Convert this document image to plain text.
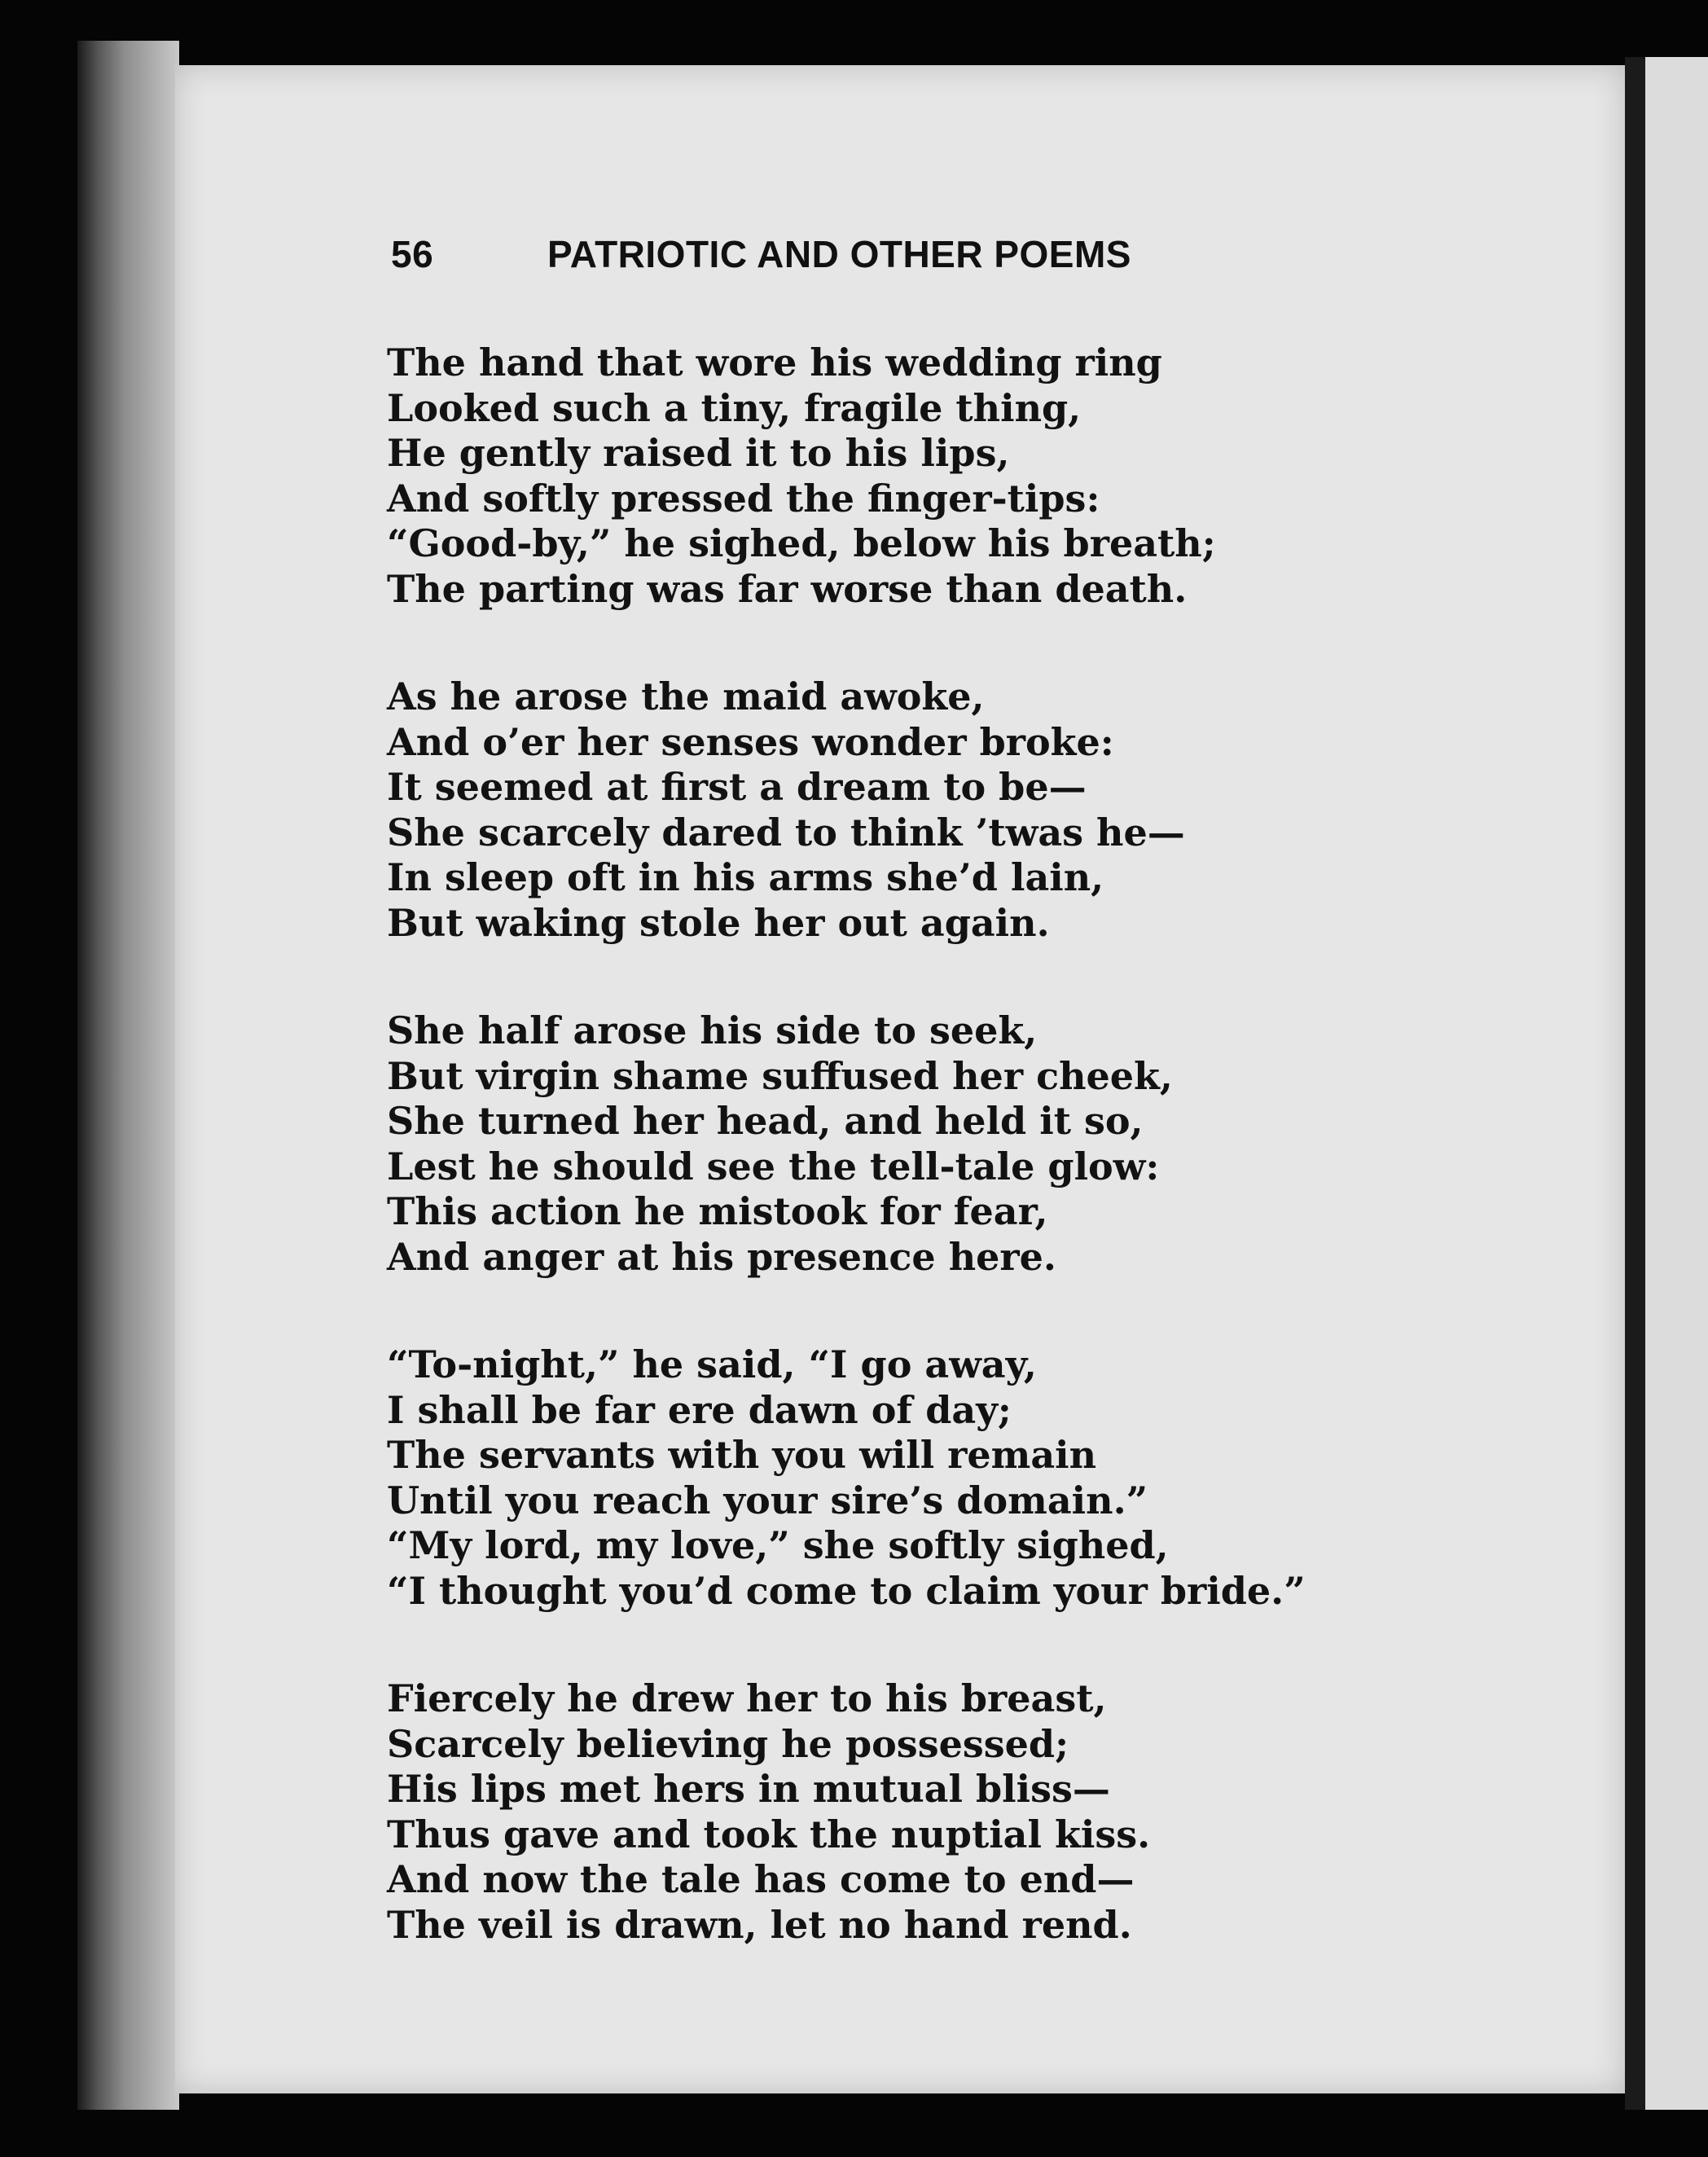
56	PATRIOTIC AND OTHER POEMS
The hand that wore his wedding ring
Looked such a tiny, fragile thing,
He gently raised it to his lips,
And softly pressed the finger-tips:
“Good-by,” he sighed, below his breath;
The parting was far worse than death.
As he arose the maid awoke,
And o’er her senses wonder broke:
It seemed at first a dream to be—
She scarcely dared to think ’twas he—
In sleep oft in his arms she’d lain,
But waking stole her out again.
She half arose his side to seek,
But virgin shame suffused her cheek,
She turned her head, and held it so,
Lest he should see the tell-tale glow:
This action he mistook for fear,
And anger at his presence here.
“To-night,” he said, “I go away,
I shall be far ere dawn of day;
The servants with you will remain
Until you reach your sire’s domain.”
“My lord, my love,” she softly sighed,
“I thought you’d come to claim your bride.”
Fiercely he drew her to his breast,
Scarcely believing he possessed;
His lips met hers in mutual bliss—
Thus gave and took the nuptial kiss.
And now the tale has come to end—
The veil is drawn, let no hand rend.
